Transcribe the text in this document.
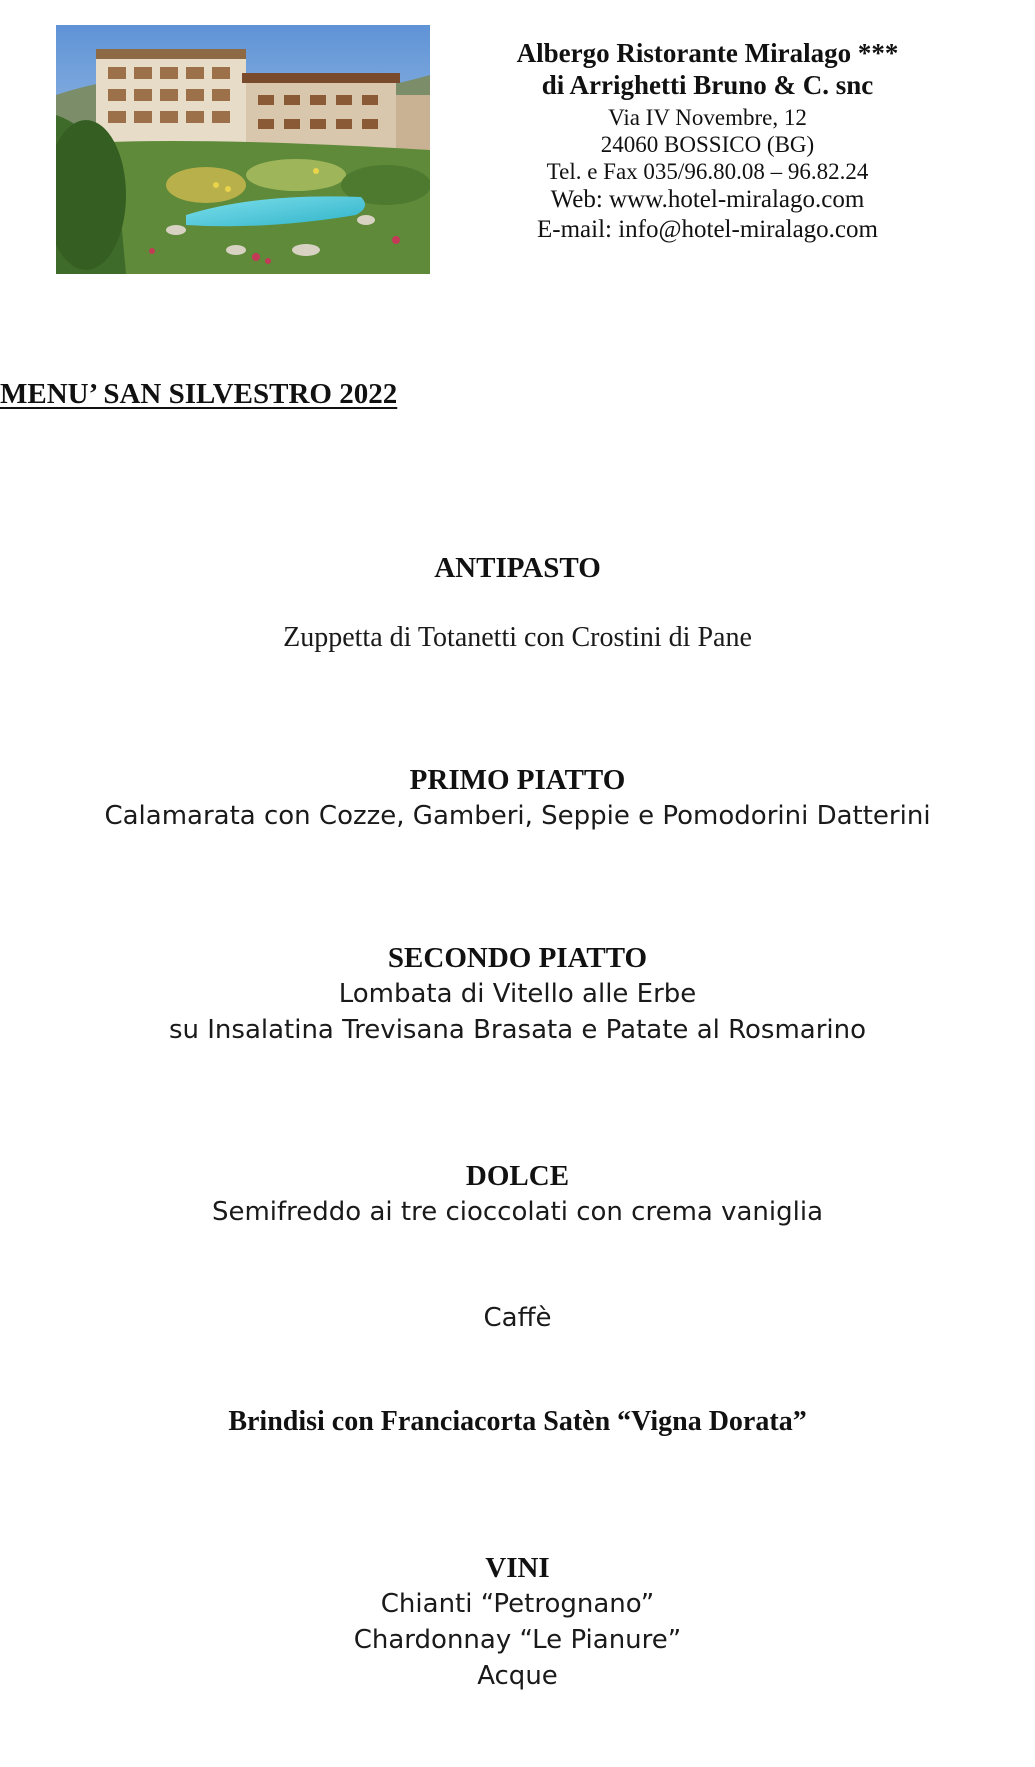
Albergo Ristorante Miralago ***

di Arrighetti Bruno & C. snc

Via IV Novembre, 12

24060 BOSSICO (BG)

Tel. e Fax 035/96.80.08 – 96.82.24

Web: www.hotel-miralago.com

E-mail: info@hotel-miralago.com

MENU’ SAN SILVESTRO 2022
ANTIPASTO
Zuppetta di Totanetti con Crostini di Pane
PRIMO PIATTO
Calamarata con Cozze, Gamberi, Seppie e Pomodorini Datterini
SECONDO PIATTO
Lombata di Vitello alle Erbe
su Insalatina Trevisana Brasata e Patate al Rosmarino
DOLCE
Semifreddo ai tre cioccolati con crema vaniglia
Caffè
Brindisi con Franciacorta Satèn “Vigna Dorata”
VINI
Chianti “Petrognano”
Chardonnay “Le Pianure”
Acque
